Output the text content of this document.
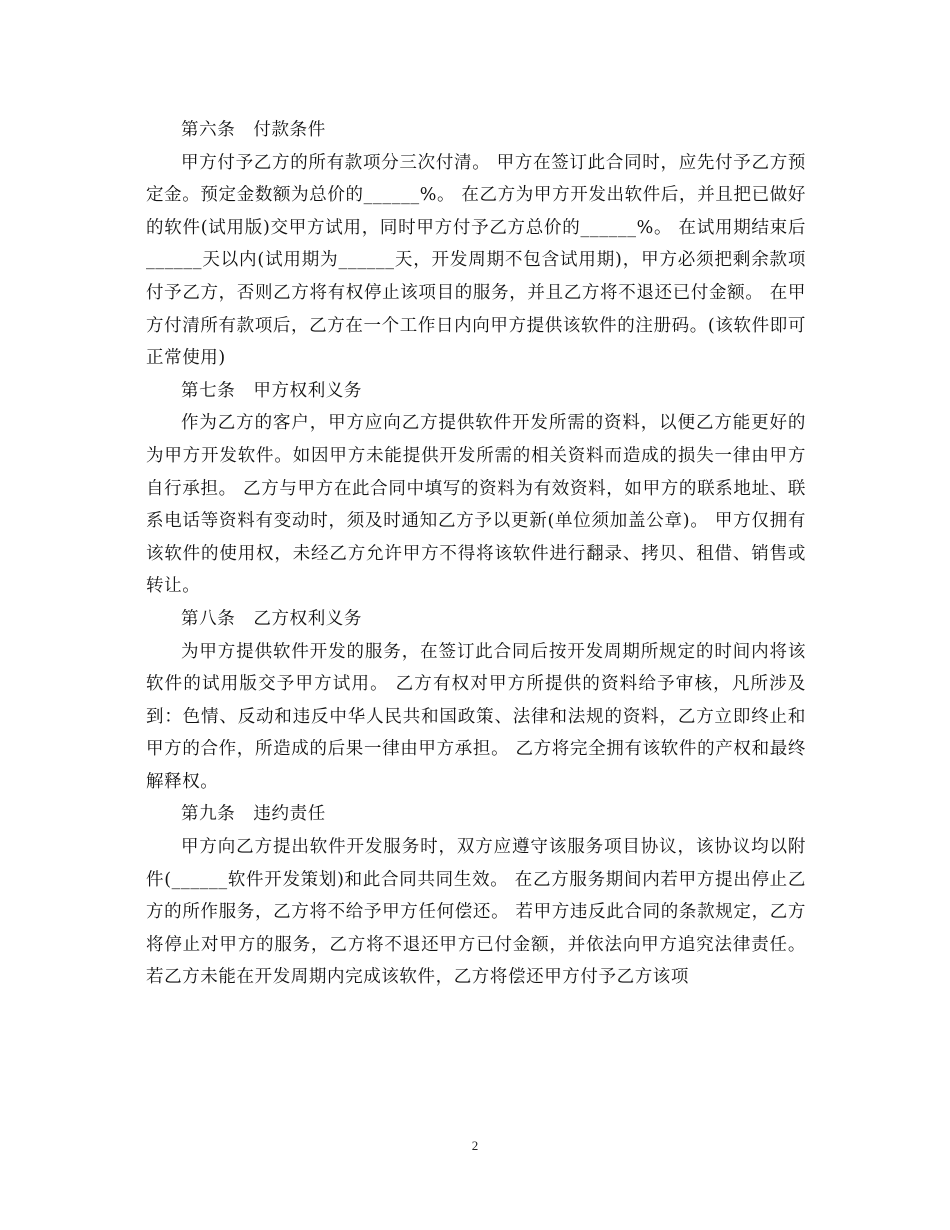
第六条　付款条件

甲方付予乙方的所有款项分三次付清。 甲方在签订此合同时，应先付予乙方预定金。预定金数额为总价的______%。 在乙方为甲方开发出软件后，并且把已做好的软件(试用版)交甲方试用，同时甲方付予乙方总价的______%。 在试用期结束后______天以内(试用期为______天，开发周期不包含试用期)，甲方必须把剩余款项付予乙方，否则乙方将有权停止该项目的服务，并且乙方将不退还已付金额。 在甲方付清所有款项后，乙方在一个工作日内向甲方提供该软件的注册码。(该软件即可正常使用)

第七条　甲方权利义务

作为乙方的客户，甲方应向乙方提供软件开发所需的资料，以便乙方能更好的为甲方开发软件。如因甲方未能提供开发所需的相关资料而造成的损失一律由甲方自行承担。 乙方与甲方在此合同中填写的资料为有效资料，如甲方的联系地址、联系电话等资料有变动时，须及时通知乙方予以更新(单位须加盖公章)。 甲方仅拥有该软件的使用权，未经乙方允许甲方不得将该软件进行翻录、拷贝、租借、销售或转让。

第八条　乙方权利义务

为甲方提供软件开发的服务，在签订此合同后按开发周期所规定的时间内将该软件的试用版交予甲方试用。 乙方有权对甲方所提供的资料给予审核，凡所涉及到：色情、反动和违反中华人民共和国政策、法律和法规的资料，乙方立即终止和甲方的合作，所造成的后果一律由甲方承担。 乙方将完全拥有该软件的产权和最终解释权。

第九条　违约责任

甲方向乙方提出软件开发服务时，双方应遵守该服务项目协议，该协议均以附件(______软件开发策划)和此合同共同生效。 在乙方服务期间内若甲方提出停止乙方的所作服务，乙方将不给予甲方任何偿还。 若甲方违反此合同的条款规定，乙方将停止对甲方的服务，乙方将不退还甲方已付金额，并依法向甲方追究法律责任。 若乙方未能在开发周期内完成该软件，乙方将偿还甲方付予乙方该项

2
